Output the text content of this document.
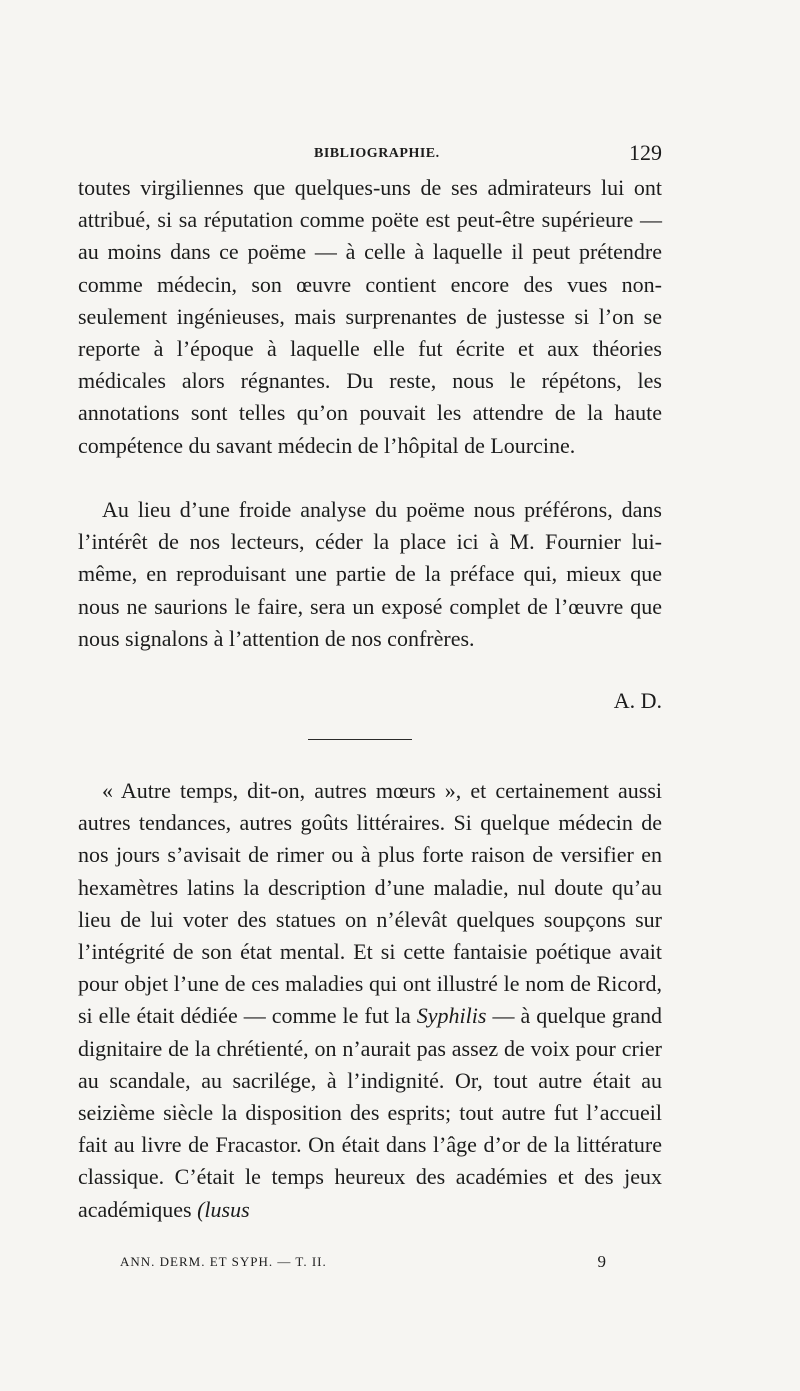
BIBLIOGRAPHIE.	129

toutes virgiliennes que quelques-uns de ses admirateurs lui ont attribué, si sa réputation comme poëte est peut-être supérieure — au moins dans ce poëme — à celle à laquelle il peut prétendre comme médecin, son œuvre contient encore des vues non-seulement ingénieuses, mais surprenantes de justesse si l’on se reporte à l’époque à laquelle elle fut écrite et aux théories médicales alors régnantes. Du reste, nous le répétons, les annotations sont telles qu’on pouvait les attendre de la haute compétence du savant médecin de l’hôpital de Lourcine.

Au lieu d’une froide analyse du poëme nous préférons, dans l’intérêt de nos lecteurs, céder la place ici à M. Fournier lui-même, en reproduisant une partie de la préface qui, mieux que nous ne saurions le faire, sera un exposé complet de l’œuvre que nous signalons à l’attention de nos confrères.

A. D.

« Autre temps, dit-on, autres mœurs », et certainement aussi autres tendances, autres goûts littéraires. Si quelque médecin de nos jours s’avisait de rimer ou à plus forte raison de versifier en hexamètres latins la description d’une maladie, nul doute qu’au lieu de lui voter des statues on n’élevât quelques soupçons sur l’intégrité de son état mental. Et si cette fantaisie poétique avait pour objet l’une de ces maladies qui ont illustré le nom de Ricord, si elle était dédiée — comme le fut la Syphilis — à quelque grand dignitaire de la chrétienté, on n’aurait pas assez de voix pour crier au scandale, au sacrilége, à l’indignité. Or, tout autre était au seizième siècle la disposition des esprits; tout autre fut l’accueil fait au livre de Fracastor. On était dans l’âge d’or de la littérature classique. C’était le temps heureux des académies et des jeux académiques (lusus

ANN. DERM. ET SYPH. — T. II.	9
